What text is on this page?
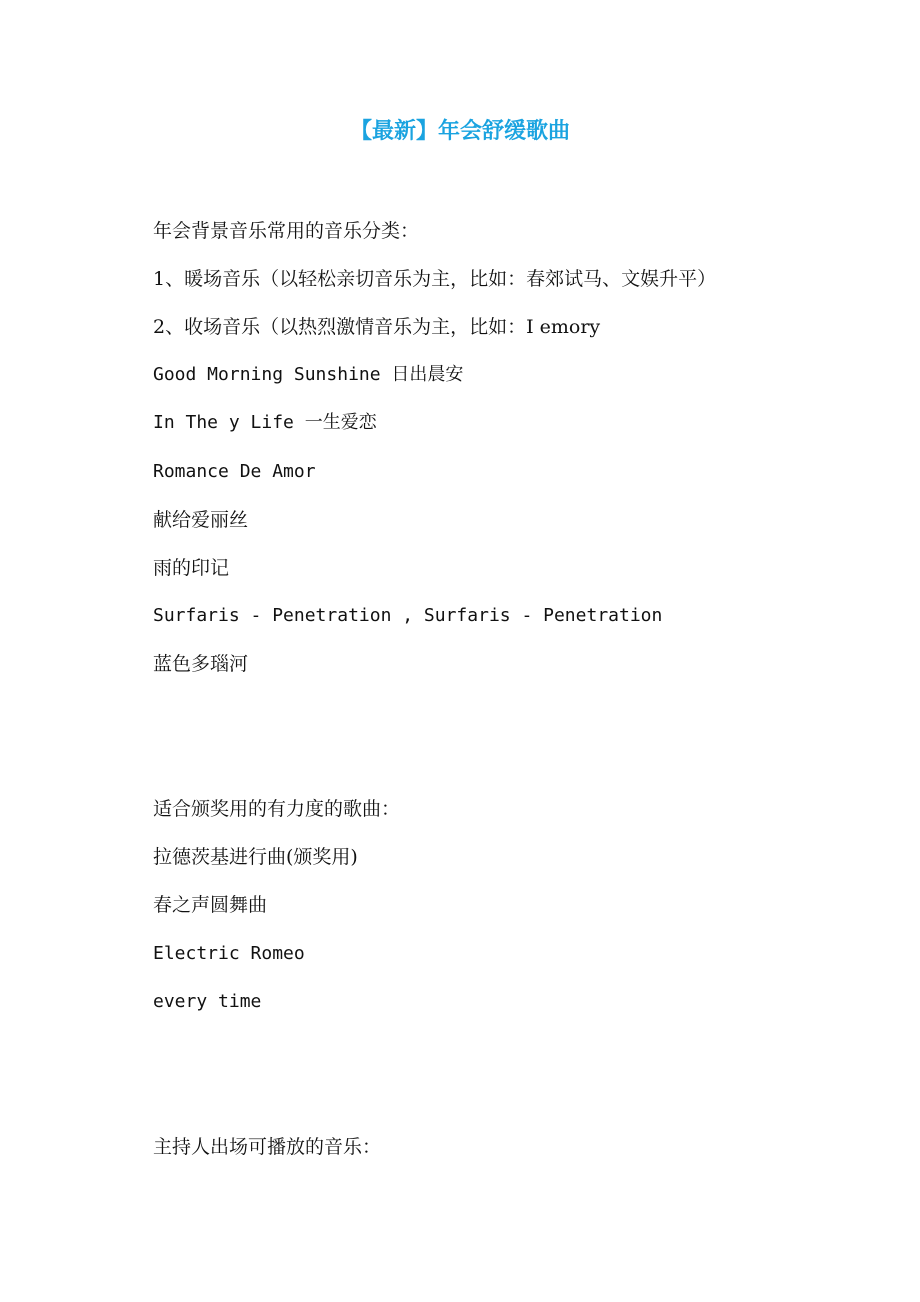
【最新】年会舒缓歌曲
年会背景音乐常用的音乐分类：
1、暖场音乐（以轻松亲切音乐为主，比如：春郊试马、文娱升平）
2、收场音乐（以热烈激情音乐为主，比如：I emory
Good Morning Sunshine 日出晨安
In The y Life 一生爱恋
Romance De Amor
献给爱丽丝
雨的印记
Surfaris - Penetration , Surfaris - Penetration
蓝色多瑙河
适合颁奖用的有力度的歌曲：
拉德茨基进行曲(颁奖用)
春之声圆舞曲
Electric Romeo
every time
主持人出场可播放的音乐：
